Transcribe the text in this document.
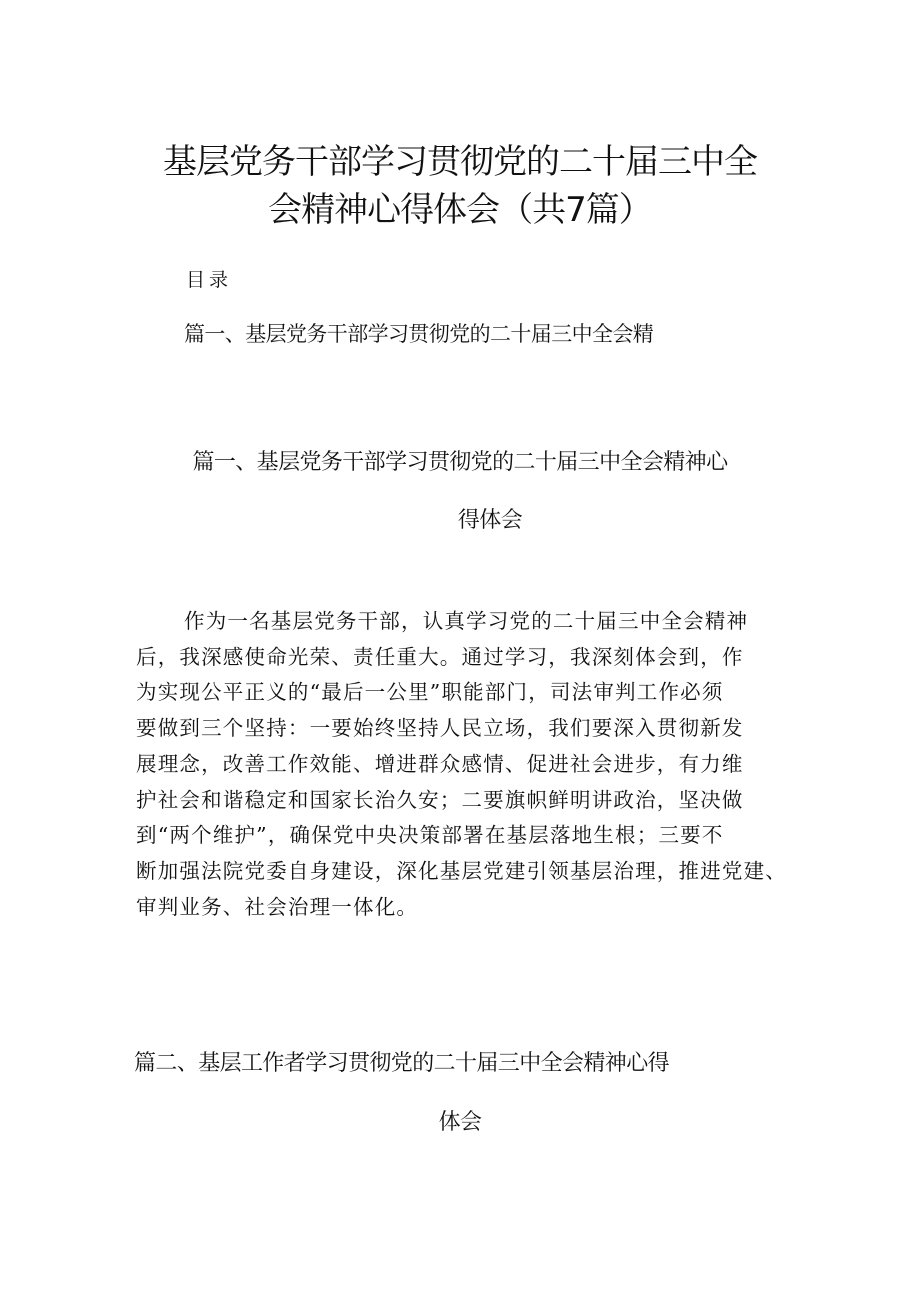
基层党务干部学习贯彻党的二十届三中全
会精神心得体会（共7篇）
目录
篇一、基层党务干部学习贯彻党的二十届三中全会精
篇一、基层党务干部学习贯彻党的二十届三中全会精神心
得体会
作为一名基层党务干部，认真学习党的二十届三中全会精神
后，我深感使命光荣、责任重大。通过学习，我深刻体会到，作
为实现公平正义的“最后一公里”职能部门，司法审判工作必须
要做到三个坚持：一要始终坚持人民立场，我们要深入贯彻新发
展理念，改善工作效能、增进群众感情、促进社会进步，有力维
护社会和谐稳定和国家长治久安；二要旗帜鲜明讲政治，坚决做
到“两个维护”，确保党中央决策部署在基层落地生根；三要不
断加强法院党委自身建设，深化基层党建引领基层治理，推进党建、
审判业务、社会治理一体化。
篇二、基层工作者学习贯彻党的二十届三中全会精神心得
体会
